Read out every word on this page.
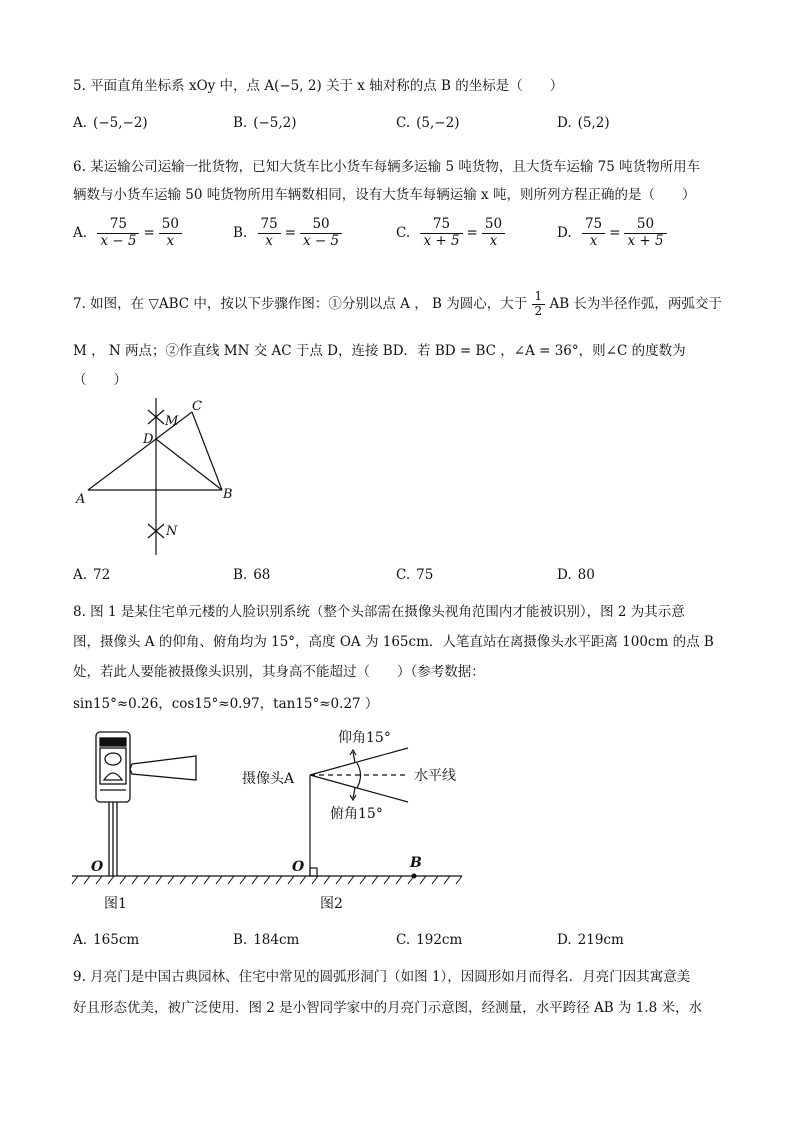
5. 平面直角坐标系 xOy 中，点 A(−5, 2) 关于 x 轴对称的点 B 的坐标是（　　）
A. (−5,−2)	B. (−5,2)	C. (5,−2)	D. (5,2)
6. 某运输公司运输一批货物，已知大货车比小货车每辆多运输 5 吨货物，且大货车运输 75 吨货物所用车
辆数与小货车运输 50 吨货物所用车辆数相同，设有大货车每辆运输 x 吨，则所列方程正确的是（　　）
A. $\frac{75}{x - 5} = \frac{50}{x}$	B. $\frac{75}{x} = \frac{50}{x - 5}$	C. $\frac{75}{x + 5} = \frac{50}{x}$	D. $\frac{75}{x} = \frac{50}{x + 5}$
7. 如图，在 ▽ABC 中，按以下步骤作图：①分别以点 A ， B 为圆心，大于 $\frac{1}{2}$ AB 长为半径作弧，两弧交于
M ， N 两点；②作直线 MN 交 AC 于点 D，连接 BD．若 BD = BC ，∠A = 36°，则∠C 的度数为
（　　）
A	B
C
D
M
N
A. 72	B. 68	C. 75	D. 80
8. 图 1 是某住宅单元楼的人脸识别系统（整个头部需在摄像头视角范围内才能被识别），图 2 为其示意
图，摄像头 A 的仰角、俯角均为 15°，高度 OA 为 165cm．人笔直站在离摄像头水平距离 100cm 的点 B
处，若此人要能被摄像头识别，其身高不能超过（　　）（参考数据：
sin15°≈0.26，cos15°≈0.97，tan15°≈0.27 ）
仰角15°
摄像头A	水平线
俯角15°
O	O	B
图1	图2
A. 165cm	B. 184cm	C. 192cm	D. 219cm
9. 月亮门是中国古典园林、住宅中常见的圆弧形洞门（如图 1），因圆形如月而得名．月亮门因其寓意美
好且形态优美，被广泛使用．图 2 是小智同学家中的月亮门示意图，经测量，水平跨径 AB 为 1.8 米，水
